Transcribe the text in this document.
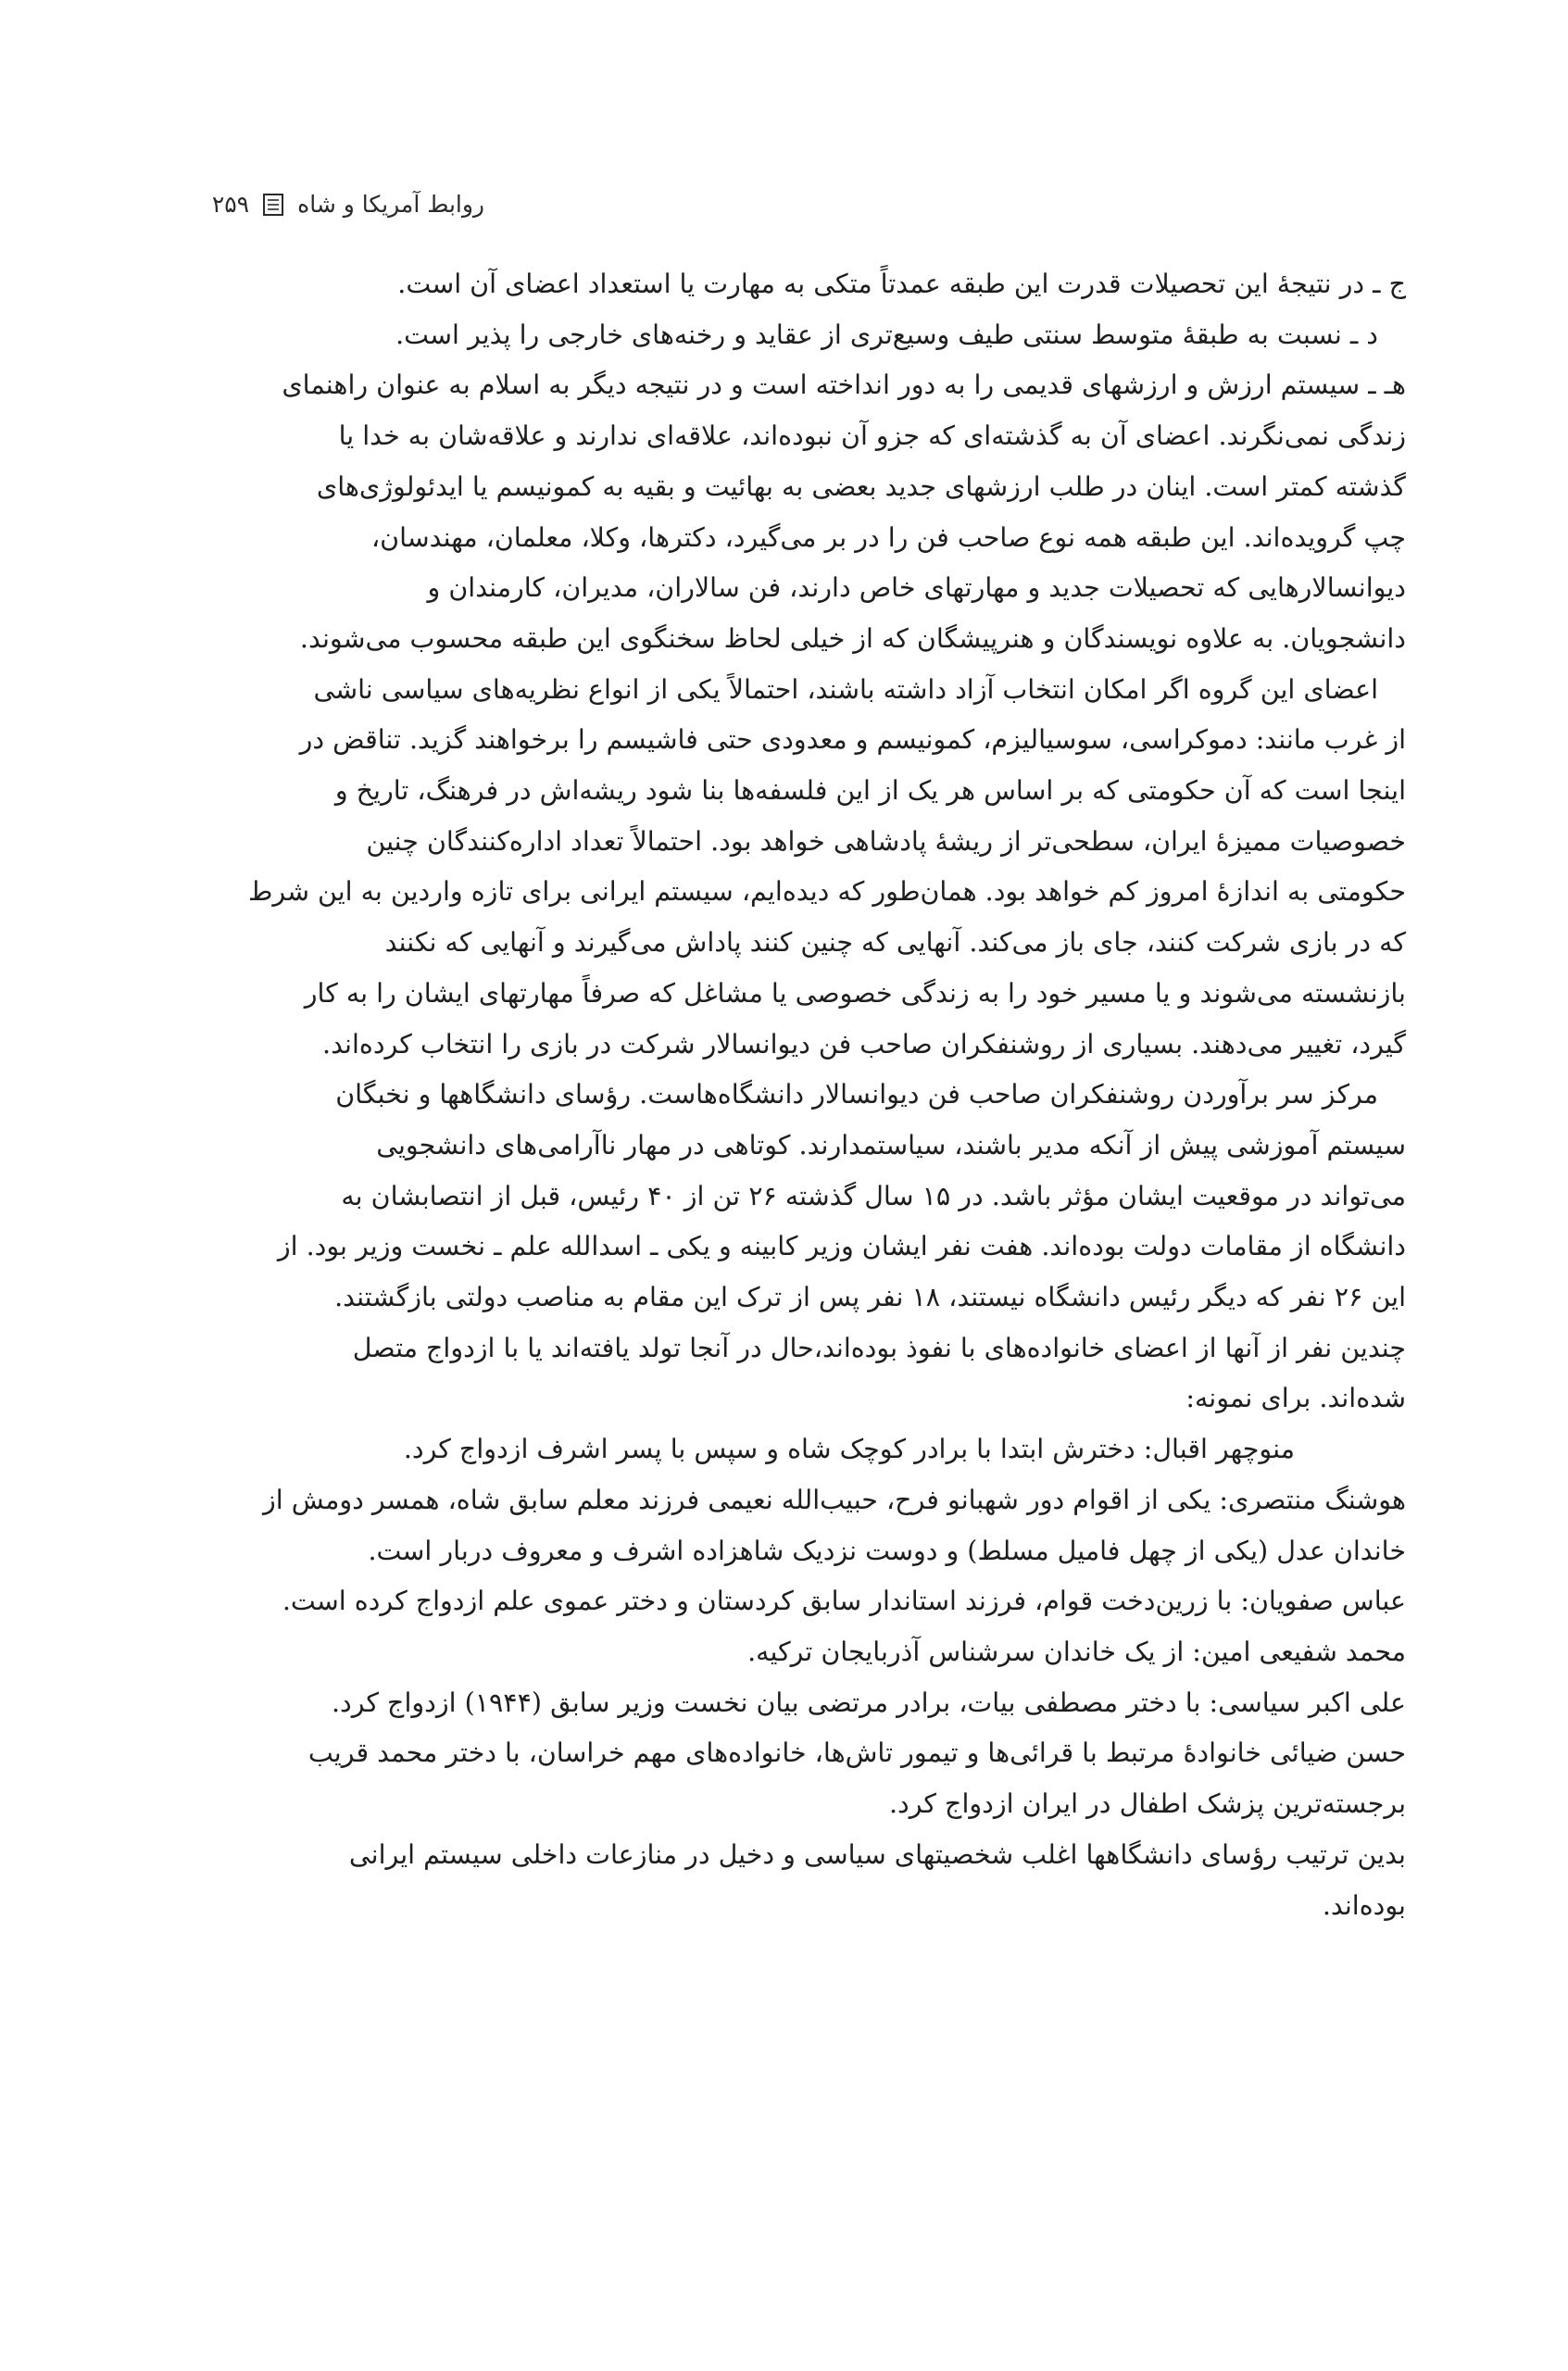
روابط آمریکا و شاه
۲۵۹
ج ـ در نتیجهٔ این تحصیلات قدرت این طبقه عمدتاً متکی به مهارت یا استعداد اعضای آن است.
د ـ نسبت به طبقهٔ متوسط سنتی طیف وسیع‌تری از عقاید و رخنه‌های خارجی را پذیر است.
هـ ـ سیستم ارزش و ارزشهای قدیمی را به دور انداخته است و در نتیجه دیگر به اسلام به عنوان راهنمای
زندگی نمی‌نگرند. اعضای آن به گذشته‌ای که جزو آن نبوده‌اند، علاقه‌ای ندارند و علاقه‌شان به خدا یا
گذشته کمتر است. اینان در طلب ارزشهای جدید بعضی به بهائیت و بقیه به کمونیسم یا ایدئولوژی‌های
چپ گرویده‌اند. این طبقه همه نوع صاحب فن را در بر می‌گیرد، دکترها، وکلا، معلمان، مهندسان،
دیوانسالارهایی که تحصیلات جدید و مهارتهای خاص دارند، فن سالاران، مدیران، کارمندان و
دانشجویان. به علاوه نویسندگان و هنرپیشگان که از خیلی لحاظ سخنگوی این طبقه محسوب می‌شوند.
اعضای این گروه اگر امکان انتخاب آزاد داشته باشند، احتمالاً یکی از انواع نظریه‌های سیاسی ناشی
از غرب مانند: دموکراسی، سوسیالیزم، کمونیسم و معدودی حتی فاشیسم را برخواهند گزید. تناقض در
اینجا است که آن حکومتی که بر اساس هر یک از این فلسفه‌ها بنا شود ریشه‌اش در فرهنگ، تاریخ و
خصوصیات ممیزهٔ ایران، سطحی‌تر از ریشهٔ پادشاهی خواهد بود. احتمالاً تعداد اداره‌کنندگان چنین
حکومتی به اندازهٔ امروز کم خواهد بود. همان‌طور که دیده‌ایم، سیستم ایرانی برای تازه واردین به این شرط
که در بازی شرکت کنند، جای باز می‌کند. آنهایی که چنین کنند پاداش می‌گیرند و آنهایی که نکنند
بازنشسته می‌شوند و یا مسیر خود را به زندگی خصوصی یا مشاغل که صرفاً مهارتهای ایشان را به کار
گیرد، تغییر می‌دهند. بسیاری از روشنفکران صاحب فن دیوانسالار شرکت در بازی را انتخاب کرده‌اند.
مرکز سر برآوردن روشنفکران صاحب فن دیوانسالار دانشگاه‌هاست. رؤسای دانشگاهها و نخبگان
سیستم آموزشی پیش از آنکه مدیر باشند، سیاستمدارند. کوتاهی در مهار ناآرامی‌های دانشجویی
می‌تواند در موقعیت ایشان مؤثر باشد. در ۱۵ سال گذشته ۲۶ تن از ۴۰ رئیس، قبل از انتصابشان به
دانشگاه از مقامات دولت بوده‌اند. هفت نفر ایشان وزیر کابینه و یکی ـ اسدالله علم ـ نخست وزیر بود. از
این ۲۶ نفر که دیگر رئیس دانشگاه نیستند، ۱۸ نفر پس از ترک این مقام به مناصب دولتی بازگشتند.
چندین نفر از آنها از اعضای خانواده‌های با نفوذ بوده‌اند،حال در آنجا تولد یافته‌اند یا با ازدواج متصل
شده‌اند. برای نمونه:
منوچهر اقبال: دخترش ابتدا با برادر کوچک شاه و سپس با پسر اشرف ازدواج کرد.
هوشنگ منتصری: یکی از اقوام دور شهبانو فرح، حبیب‌الله نعیمی فرزند معلم سابق شاه، همسر دومش از
خاندان عدل (یکی از چهل فامیل مسلط) و دوست نزدیک شاهزاده اشرف و معروف دربار است.
عباس صفویان: با زرین‌دخت قوام، فرزند استاندار سابق کردستان و دختر عموی علم ازدواج کرده است.
محمد شفیعی امین: از یک خاندان سرشناس آذربایجان ترکیه.
علی اکبر سیاسی: با دختر مصطفی بیات، برادر مرتضی بیان نخست وزیر سابق (۱۹۴۴) ازدواج کرد.
حسن ضیائی خانوادهٔ مرتبط با قرائی‌ها و تیمور تاش‌ها، خانواده‌های مهم خراسان، با دختر محمد قریب
برجسته‌ترین پزشک اطفال در ایران ازدواج کرد.
بدین ترتیب رؤسای دانشگاهها اغلب شخصیتهای سیاسی و دخیل در منازعات داخلی سیستم ایرانی
بوده‌اند.
